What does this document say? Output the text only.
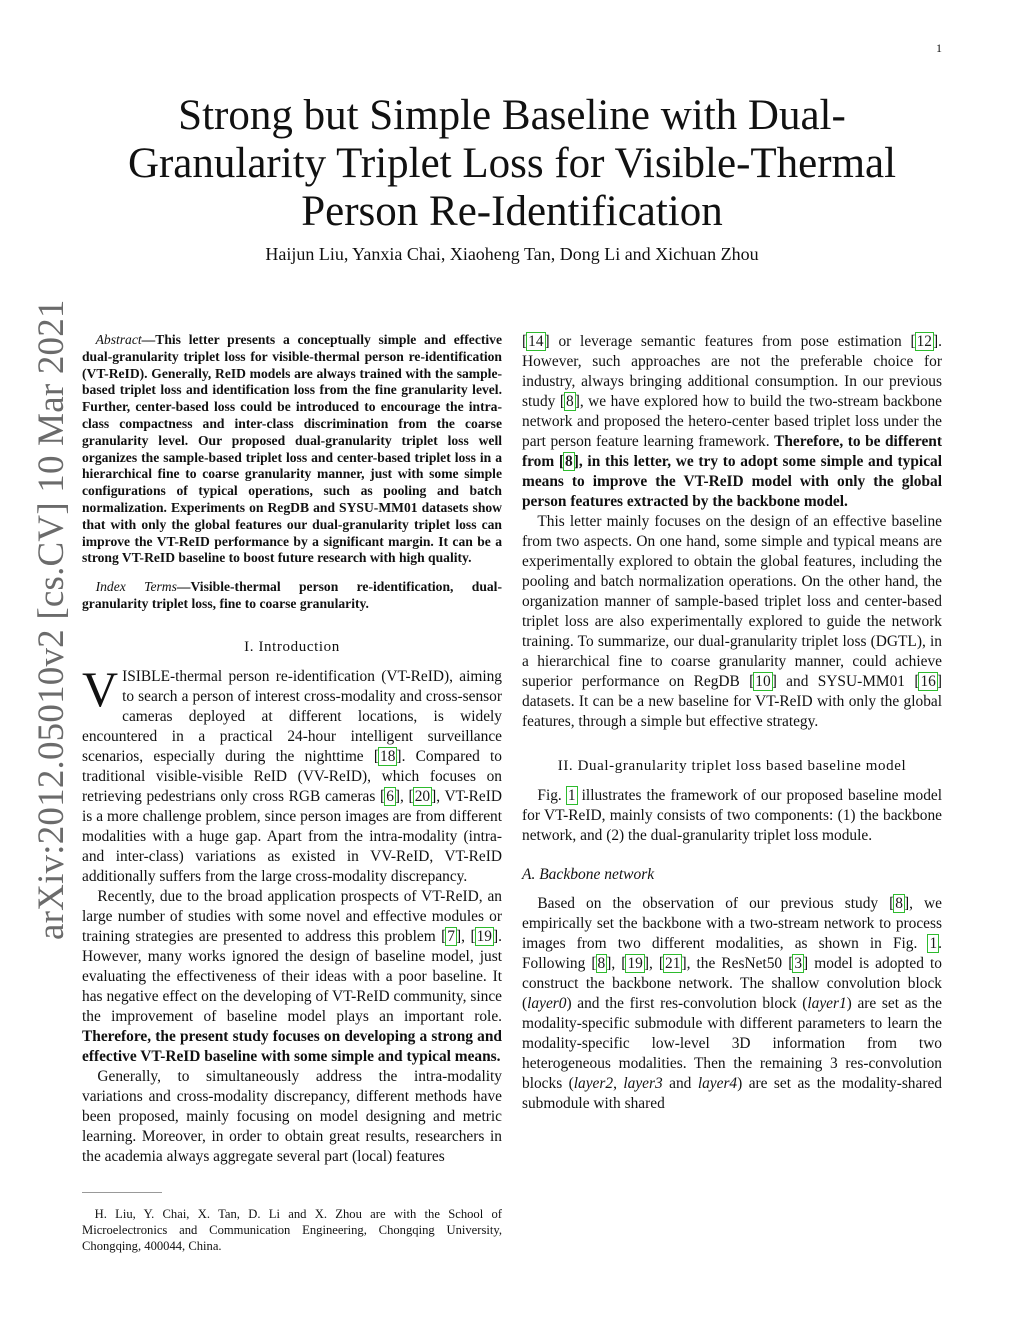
1
arXiv:2012.05010v2 [cs.CV] 10 Mar 2021
Strong but Simple Baseline with Dual-Granularity Triplet Loss for Visible-Thermal Person Re-Identification
Haijun Liu, Yanxia Chai, Xiaoheng Tan, Dong Li and Xichuan Zhou

Abstract—This letter presents a conceptually simple and effective dual-granularity triplet loss for visible-thermal person re-identification (VT-ReID). Generally, ReID models are always trained with the sample-based triplet loss and identification loss from the fine granularity level. Further, center-based loss could be introduced to encourage the intra-class compactness and inter-class discrimination from the coarse granularity level. Our proposed dual-granularity triplet loss well organizes the sample-based triplet loss and center-based triplet loss in a hierarchical fine to coarse granularity manner, just with some simple configurations of typical operations, such as pooling and batch normalization. Experiments on RegDB and SYSU-MM01 datasets show that with only the global features our dual-granularity triplet loss can improve the VT-ReID performance by a significant margin. It can be a strong VT-ReID baseline to boost future research with high quality.

Index Terms—Visible-thermal person re-identification, dual-granularity triplet loss, fine to coarse granularity.

I. Introduction

VISIBLE-thermal person re-identification (VT-ReID), aiming to search a person of interest cross-modality and cross-sensor cameras deployed at different locations, is widely encountered in a practical 24-hour intelligent surveillance scenarios, especially during the nighttime [18]. Compared to traditional visible-visible ReID (VV-ReID), which focuses on retrieving pedestrians only cross RGB cameras [6], [20], VT-ReID is a more challenge problem, since person images are from different modalities with a huge gap. Apart from the intra-modality (intra- and inter-class) variations as existed in VV-ReID, VT-ReID additionally suffers from the large cross-modality discrepancy.

Recently, due to the broad application prospects of VT-ReID, an large number of studies with some novel and effective modules or training strategies are presented to address this problem [7], [19]. However, many works ignored the design of baseline model, just evaluating the effectiveness of their ideas with a poor baseline. It has negative effect on the developing of VT-ReID community, since the improvement of baseline model plays an important role. Therefore, the present study focuses on developing a strong and effective VT-ReID baseline with some simple and typical means.

Generally, to simultaneously address the intra-modality variations and cross-modality discrepancy, different methods have been proposed, mainly focusing on model designing and metric learning. Moreover, in order to obtain great results, researchers in the academia always aggregate several part (local) features

H. Liu, Y. Chai, X. Tan, D. Li and X. Zhou are with the School of Microelectronics and Communication Engineering, Chongqing University, Chongqing, 400044, China.

[14] or leverage semantic features from pose estimation [12]. However, such approaches are not the preferable choice for industry, always bringing additional consumption. In our previous study [8], we have explored how to build the two-stream backbone network and proposed the hetero-center based triplet loss under the part person feature learning framework. Therefore, to be different from [8], in this letter, we try to adopt some simple and typical means to improve the VT-ReID model with only the global person features extracted by the backbone model.

This letter mainly focuses on the design of an effective baseline from two aspects. On one hand, some simple and typical means are experimentally explored to obtain the global features, including the pooling and batch normalization operations. On the other hand, the organization manner of sample-based triplet loss and center-based triplet loss are also experimentally explored to guide the network training. To summarize, our dual-granularity triplet loss (DGTL), in a hierarchical fine to coarse granularity manner, could achieve superior performance on RegDB [10] and SYSU-MM01 [16] datasets. It can be a new baseline for VT-ReID with only the global features, through a simple but effective strategy.

II. Dual-granularity triplet loss based baseline model

Fig. 1 illustrates the framework of our proposed baseline model for VT-ReID, mainly consists of two components: (1) the backbone network, and (2) the dual-granularity triplet loss module.

A. Backbone network

Based on the observation of our previous study [8], we empirically set the backbone with a two-stream network to process images from two different modalities, as shown in Fig. 1. Following [8], [19], [21], the ResNet50 [3] model is adopted to construct the backbone network. The shallow convolution block (layer0) and the first res-convolution block (layer1) are set as the modality-specific submodule with different parameters to learn the modality-specific low-level 3D information from two heterogeneous modalities. Then the remaining 3 res-convolution blocks (layer2, layer3 and layer4) are set as the modality-shared submodule with shared
